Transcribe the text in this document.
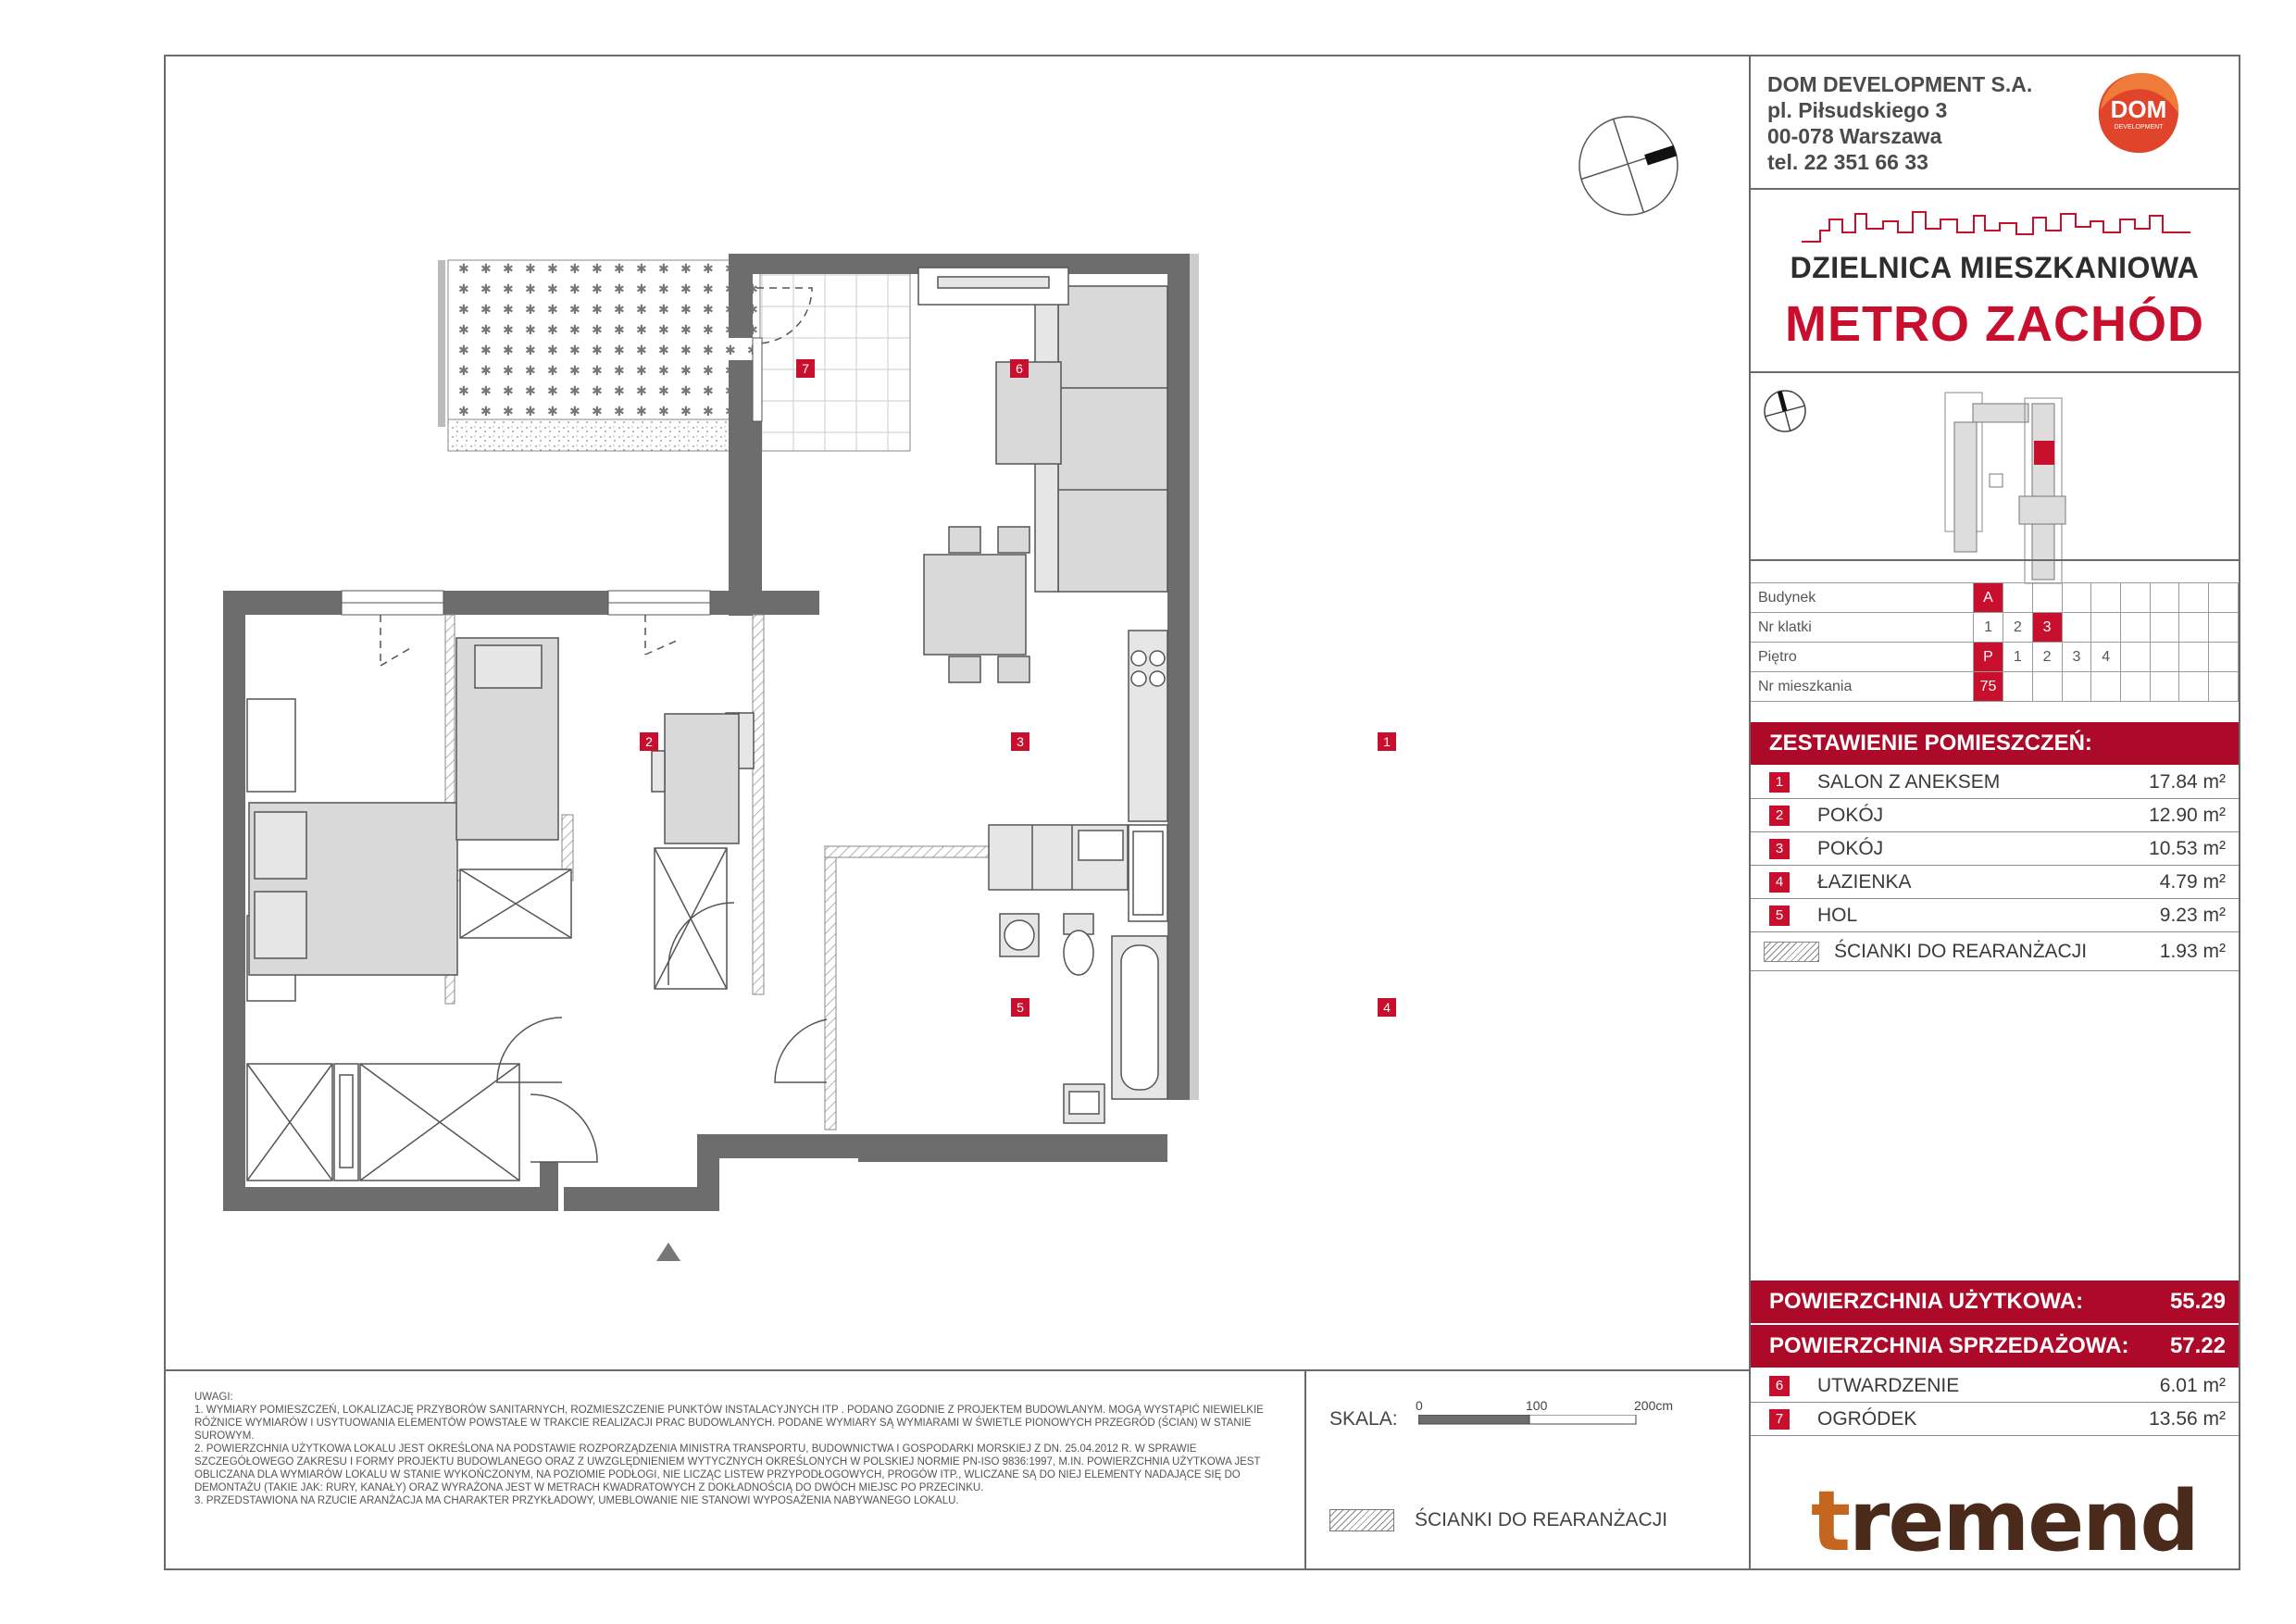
7	6
2	3	1
5	4
DOM DEVELOPMENT S.A.
pl. Piłsudskiego 3
00-078 Warszawa
tel. 22 351 66 33
DOM
DEVELOPMENT
DZIELNICA MIESZKANIOWA
METRO ZACHÓD
Budynek	A								
Nr klatki	1	2	3						
Piętro	P	1	2	3	4				
Nr mieszkania	75								
ZESTAWIENIE POMIESZCZEŃ:
1	SALON Z ANEKSEM	17.84 m²
2	POKÓJ	12.90 m²
3	POKÓJ	10.53 m²
4	ŁAZIENKA	4.79 m²
5	HOL	9.23 m²
ŚCIANKI DO REARANŻACJI	1.93 m²
POWIERZCHNIA UŻYTKOWA:	55.29
POWIERZCHNIA SPRZEDAŻOWA: 57.22
6	UTWARDZENIE	6.01 m²
7	OGRÓDEK	13.56 m²
tremend

UWAGI:

1. WYMIARY POMIESZCZEŃ, LOKALIZACJĘ PRZYBORÓW SANITARNYCH, ROZMIESZCZENIE PUNKTÓW INSTALACYJNYCH ITP . PODANO ZGODNIE Z PROJEKTEM BUDOWLANYM. MOGĄ WYSTĄPIĆ NIEWIELKIE RÓŻNICE WYMIARÓW I USYTUOWANIA ELEMENTÓW POWSTAŁE W TRAKCIE REALIZACJI PRAC BUDOWLANYCH. PODANE WYMIARY SĄ WYMIARAMI W ŚWIETLE PIONOWYCH PRZEGRÓD (ŚCIAN) W STANIE SUROWYM.

2. POWIERZCHNIA UŻYTKOWA LOKALU JEST OKREŚLONA NA PODSTAWIE ROZPORZĄDZENIA MINISTRA TRANSPORTU, BUDOWNICTWA I GOSPODARKI MORSKIEJ Z DN. 25.04.2012 R. W SPRAWIE SZCZEGÓŁOWEGO ZAKRESU I FORMY PROJEKTU BUDOWLANEGO ORAZ Z UWZGLĘDNIENIEM WYTYCZNYCH OKREŚLONYCH W POLSKIEJ NORMIE PN-ISO 9836:1997, M.IN. POWIERZCHNIA UŻYTKOWA JEST OBLICZANA DLA WYMIARÓW LOKALU W STANIE WYKOŃCZONYM, NA POZIOMIE PODŁOGI, NIE LICZĄC LISTEW PRZYPODŁOGOWYCH, PROGÓW ITP., WLICZANE SĄ DO NIEJ ELEMENTY NADAJĄCE SIĘ DO DEMONTAŻU (TAKIE JAK: RURY, KANAŁY) ORAZ WYRAŻONA JEST W METRACH KWADRATOWYCH Z DOKŁADNOŚCIĄ DO DWÓCH MIEJSC PO PRZECINKU.

3. PRZEDSTAWIONA NA RZUCIE ARANŻACJA MA CHARAKTER PRZYKŁADOWY, UMEBLOWANIE NIE STANOWI WYPOSAŻENIA NABYWANEGO LOKALU.

SKALA:
0	100	200cm
ŚCIANKI DO REARANŻACJI
